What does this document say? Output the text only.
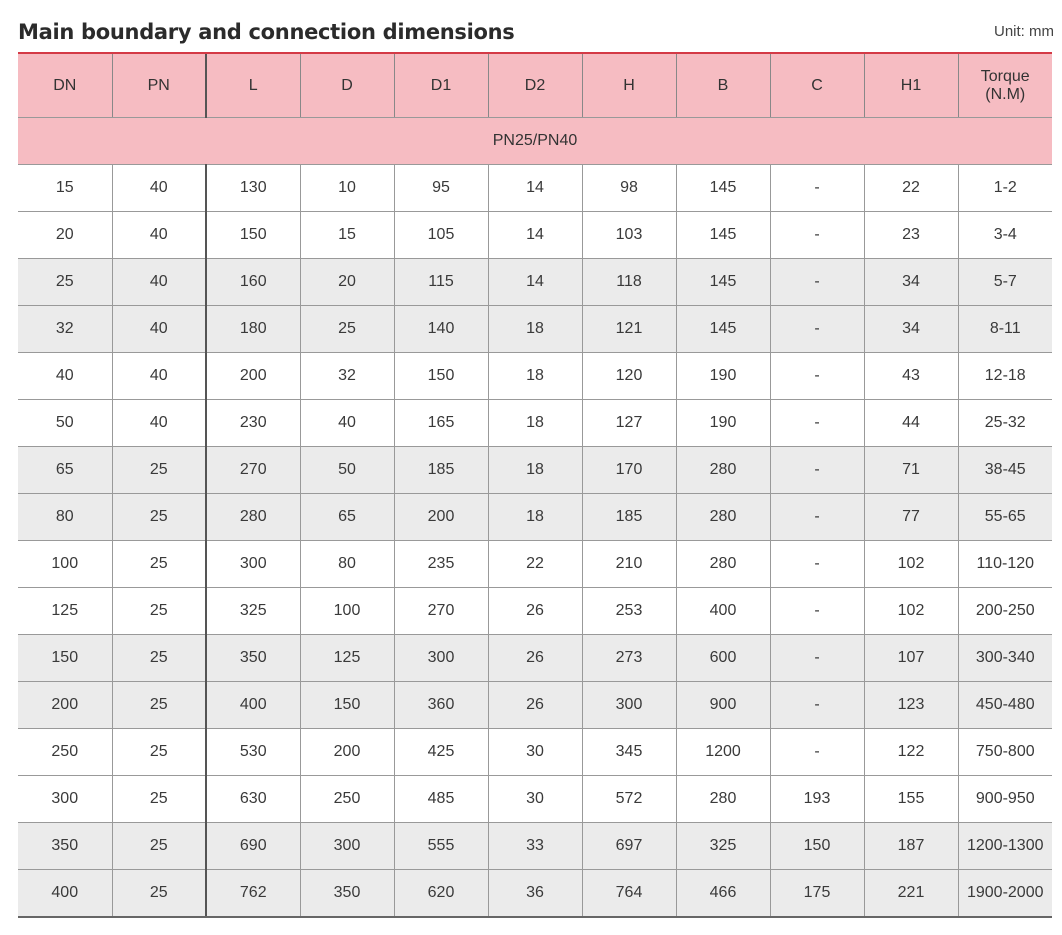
Main boundary and connection dimensions	Unit: mm
DN	PN	L	D	D1	D2	H	B	C	H1	Torque
(N.M)
PN25/PN40										
15	40	130	10	95	14	98	145	-	22	1-2
20	40	150	15	105	14	103	145	-	23	3-4
25	40	160	20	115	14	118	145	-	34	5-7
32	40	180	25	140	18	121	145	-	34	8-11
40	40	200	32	150	18	120	190	-	43	12-18
50	40	230	40	165	18	127	190	-	44	25-32
65	25	270	50	185	18	170	280	-	71	38-45
80	25	280	65	200	18	185	280	-	77	55-65
100	25	300	80	235	22	210	280	-	102	110-120
125	25	325	100	270	26	253	400	-	102	200-250
150	25	350	125	300	26	273	600	-	107	300-340
200	25	400	150	360	26	300	900	-	123	450-480
250	25	530	200	425	30	345	1200	-	122	750-800
300	25	630	250	485	30	572	280	193	155	900-950
350	25	690	300	555	33	697	325	150	187	1200-1300
400	25	762	350	620	36	764	466	175	221	1900-2000
